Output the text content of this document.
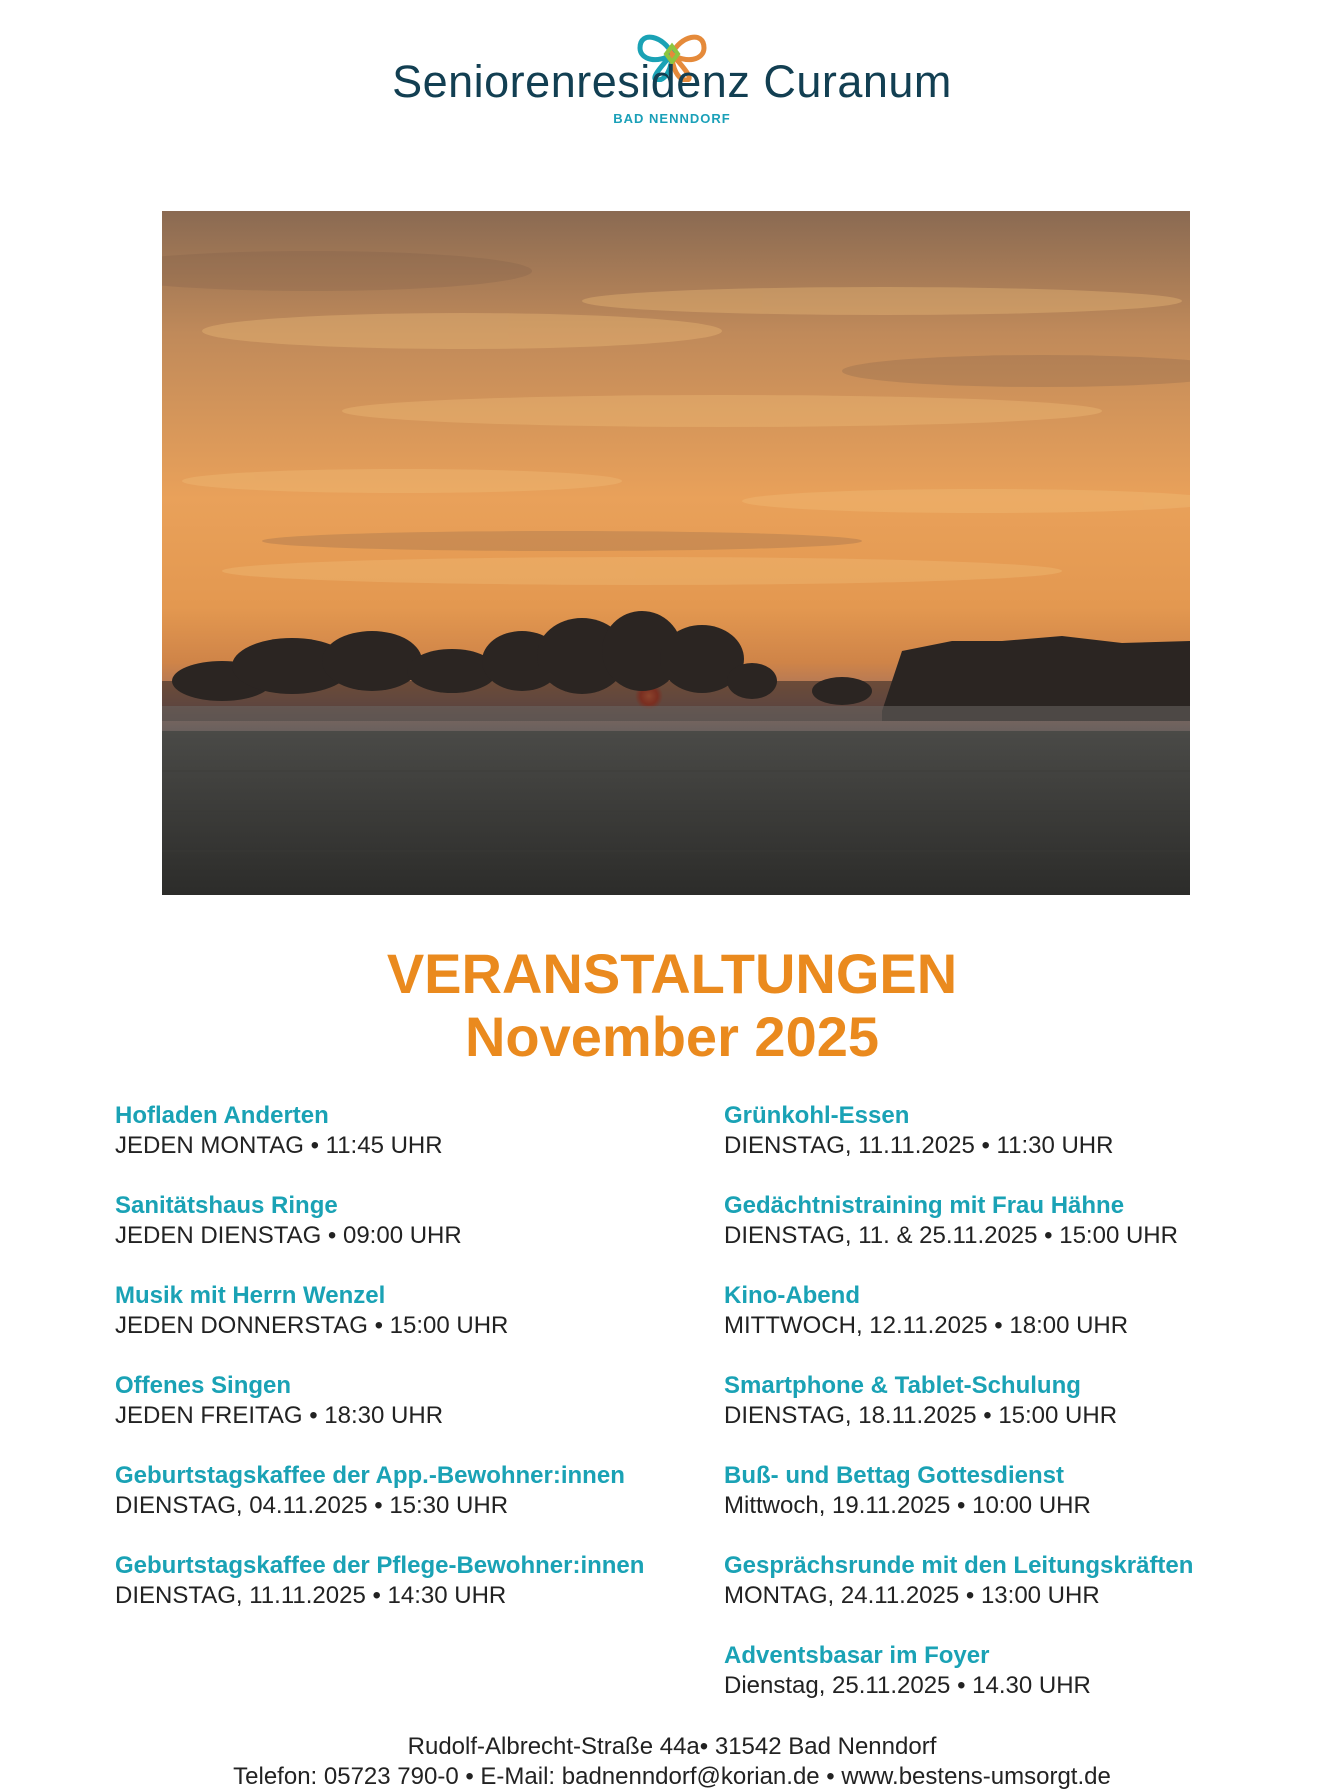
Seniorenresidenz Curanum
BAD NENNDORF
VERANSTALTUNGEN
November 2025
Hofladen Anderten
JEDEN MONTAG • 11:45 UHR
Sanitätshaus Ringe
JEDEN DIENSTAG • 09:00 UHR
Musik mit Herrn Wenzel
JEDEN DONNERSTAG • 15:00 UHR
Offenes Singen
JEDEN FREITAG • 18:30 UHR
Geburtstagskaffee der App.-Bewohner:innen
DIENSTAG, 04.11.2025 • 15:30 UHR
Geburtstagskaffee der Pflege-Bewohner:innen
DIENSTAG, 11.11.2025 • 14:30 UHR
Grünkohl-Essen
DIENSTAG, 11.11.2025 • 11:30 UHR
Gedächtnistraining mit Frau Hähne
DIENSTAG, 11. & 25.11.2025 • 15:00 UHR
Kino-Abend
MITTWOCH, 12.11.2025 • 18:00 UHR
Smartphone & Tablet-Schulung
DIENSTAG, 18.11.2025 • 15:00 UHR
Buß- und Bettag Gottesdienst
Mittwoch, 19.11.2025 • 10:00 UHR
Gesprächsrunde mit den Leitungskräften
MONTAG, 24.11.2025 • 13:00 UHR
Adventsbasar im Foyer
Dienstag, 25.11.2025 • 14.30 UHR
Rudolf-Albrecht-Straße 44a• 31542 Bad Nenndorf
Telefon: 05723 790-0 • E-Mail: badnenndorf@korian.de • www.bestens-umsorgt.de
